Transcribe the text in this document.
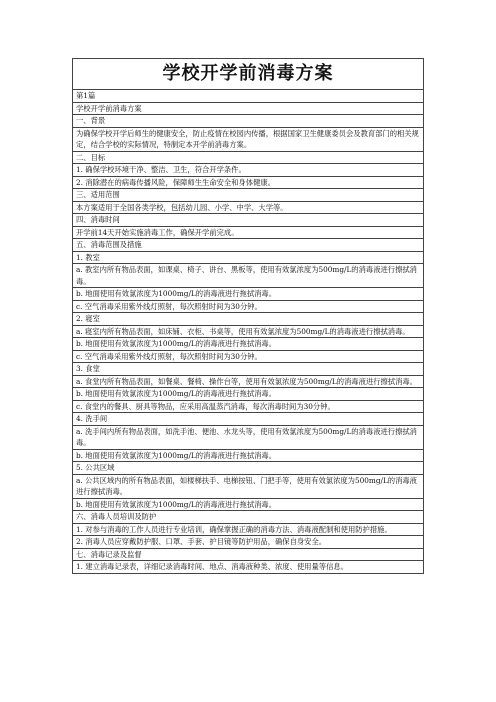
学校开学前消毒方案
第1篇
学校开学前消毒方案
一、背景
为确保学校开学后师生的健康安全，防止疫情在校园内传播，根据国家卫生健康委员会及教育部门的相关规定，结合学校的实际情况，特制定本开学前消毒方案。
二、目标
1. 确保学校环境干净、整洁、卫生，符合开学条件。
2. 消除潜在的病毒传播风险，保障师生生命安全和身体健康。
三、适用范围
本方案适用于全国各类学校，包括幼儿园、小学、中学、大学等。
四、消毒时间
开学前14天开始实施消毒工作，确保开学前完成。
五、消毒范围及措施
1. 教室
a. 教室内所有物品表面，如课桌、椅子、讲台、黑板等，使用有效氯浓度为500mg/L的消毒液进行擦拭消毒。
b. 地面使用有效氯浓度为1000mg/L的消毒液进行拖拭消毒。
c. 空气消毒采用紫外线灯照射，每次照射时间为30分钟。
2. 寝室
a. 寝室内所有物品表面，如床铺、衣柜、书桌等，使用有效氯浓度为500mg/L的消毒液进行擦拭消毒。
b. 地面使用有效氯浓度为1000mg/L的消毒液进行拖拭消毒。
c. 空气消毒采用紫外线灯照射，每次照射时间为30分钟。
3. 食堂
a. 食堂内所有物品表面，如餐桌、餐椅、操作台等，使用有效氯浓度为500mg/L的消毒液进行擦拭消毒。
b. 地面使用有效氯浓度为1000mg/L的消毒液进行拖拭消毒。
c. 食堂内的餐具、厨具等物品，应采用高温蒸汽消毒，每次消毒时间为30分钟。
4. 洗手间
a. 洗手间内所有物品表面，如洗手池、便池、水龙头等，使用有效氯浓度为500mg/L的消毒液进行擦拭消毒。
b. 地面使用有效氯浓度为1000mg/L的消毒液进行拖拭消毒。
5. 公共区域
a. 公共区域内的所有物品表面，如楼梯扶手、电梯按钮、门把手等，使用有效氯浓度为500mg/L的消毒液进行擦拭消毒。
b. 地面使用有效氯浓度为1000mg/L的消毒液进行拖拭消毒。
六、消毒人员培训及防护
1. 对参与消毒的工作人员进行专业培训，确保掌握正确的消毒方法、消毒液配制和使用防护措施。
2. 消毒人员应穿戴防护服、口罩、手套、护目镜等防护用品，确保自身安全。
七、消毒记录及监督
1. 建立消毒记录表，详细记录消毒时间、地点、消毒液种类、浓度、使用量等信息。
